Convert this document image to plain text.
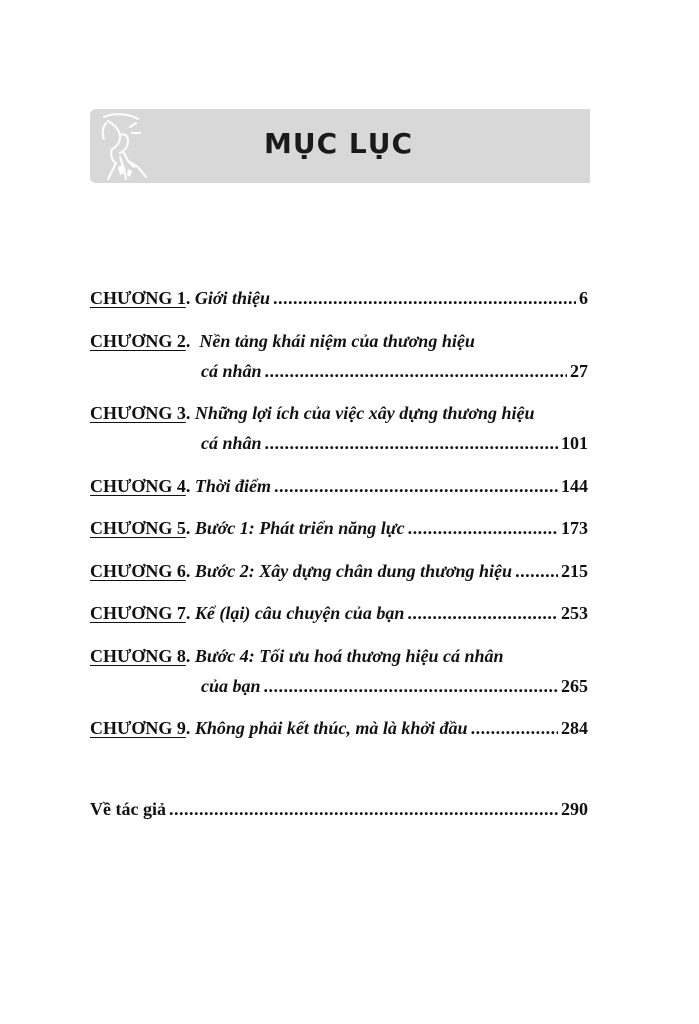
MỤC LỤC
CHƯƠNG 1 . Giới thiệu .....	6
CHƯƠNG 2 . Nền tảng khái niệm của thương hiệu
cá nhân .....	27
CHƯƠNG 3 . Những lợi ích của việc xây dựng thương hiệu
cá nhân .....	101
CHƯƠNG 4 . Thời điểm .....	144
CHƯƠNG 5 . Bước 1: Phát triển năng lực .....	173
CHƯƠNG 6 . Bước 2: Xây dựng chân dung thương hiệu .....	215
CHƯƠNG 7 . Kể (lại) câu chuyện của bạn .....	253
CHƯƠNG 8 . Bước 4: Tối ưu hoá thương hiệu cá nhân
của bạn .....	265
CHƯƠNG 9 . Không phải kết thúc, mà là khởi đầu .....	284
Về tác giả .....	290
